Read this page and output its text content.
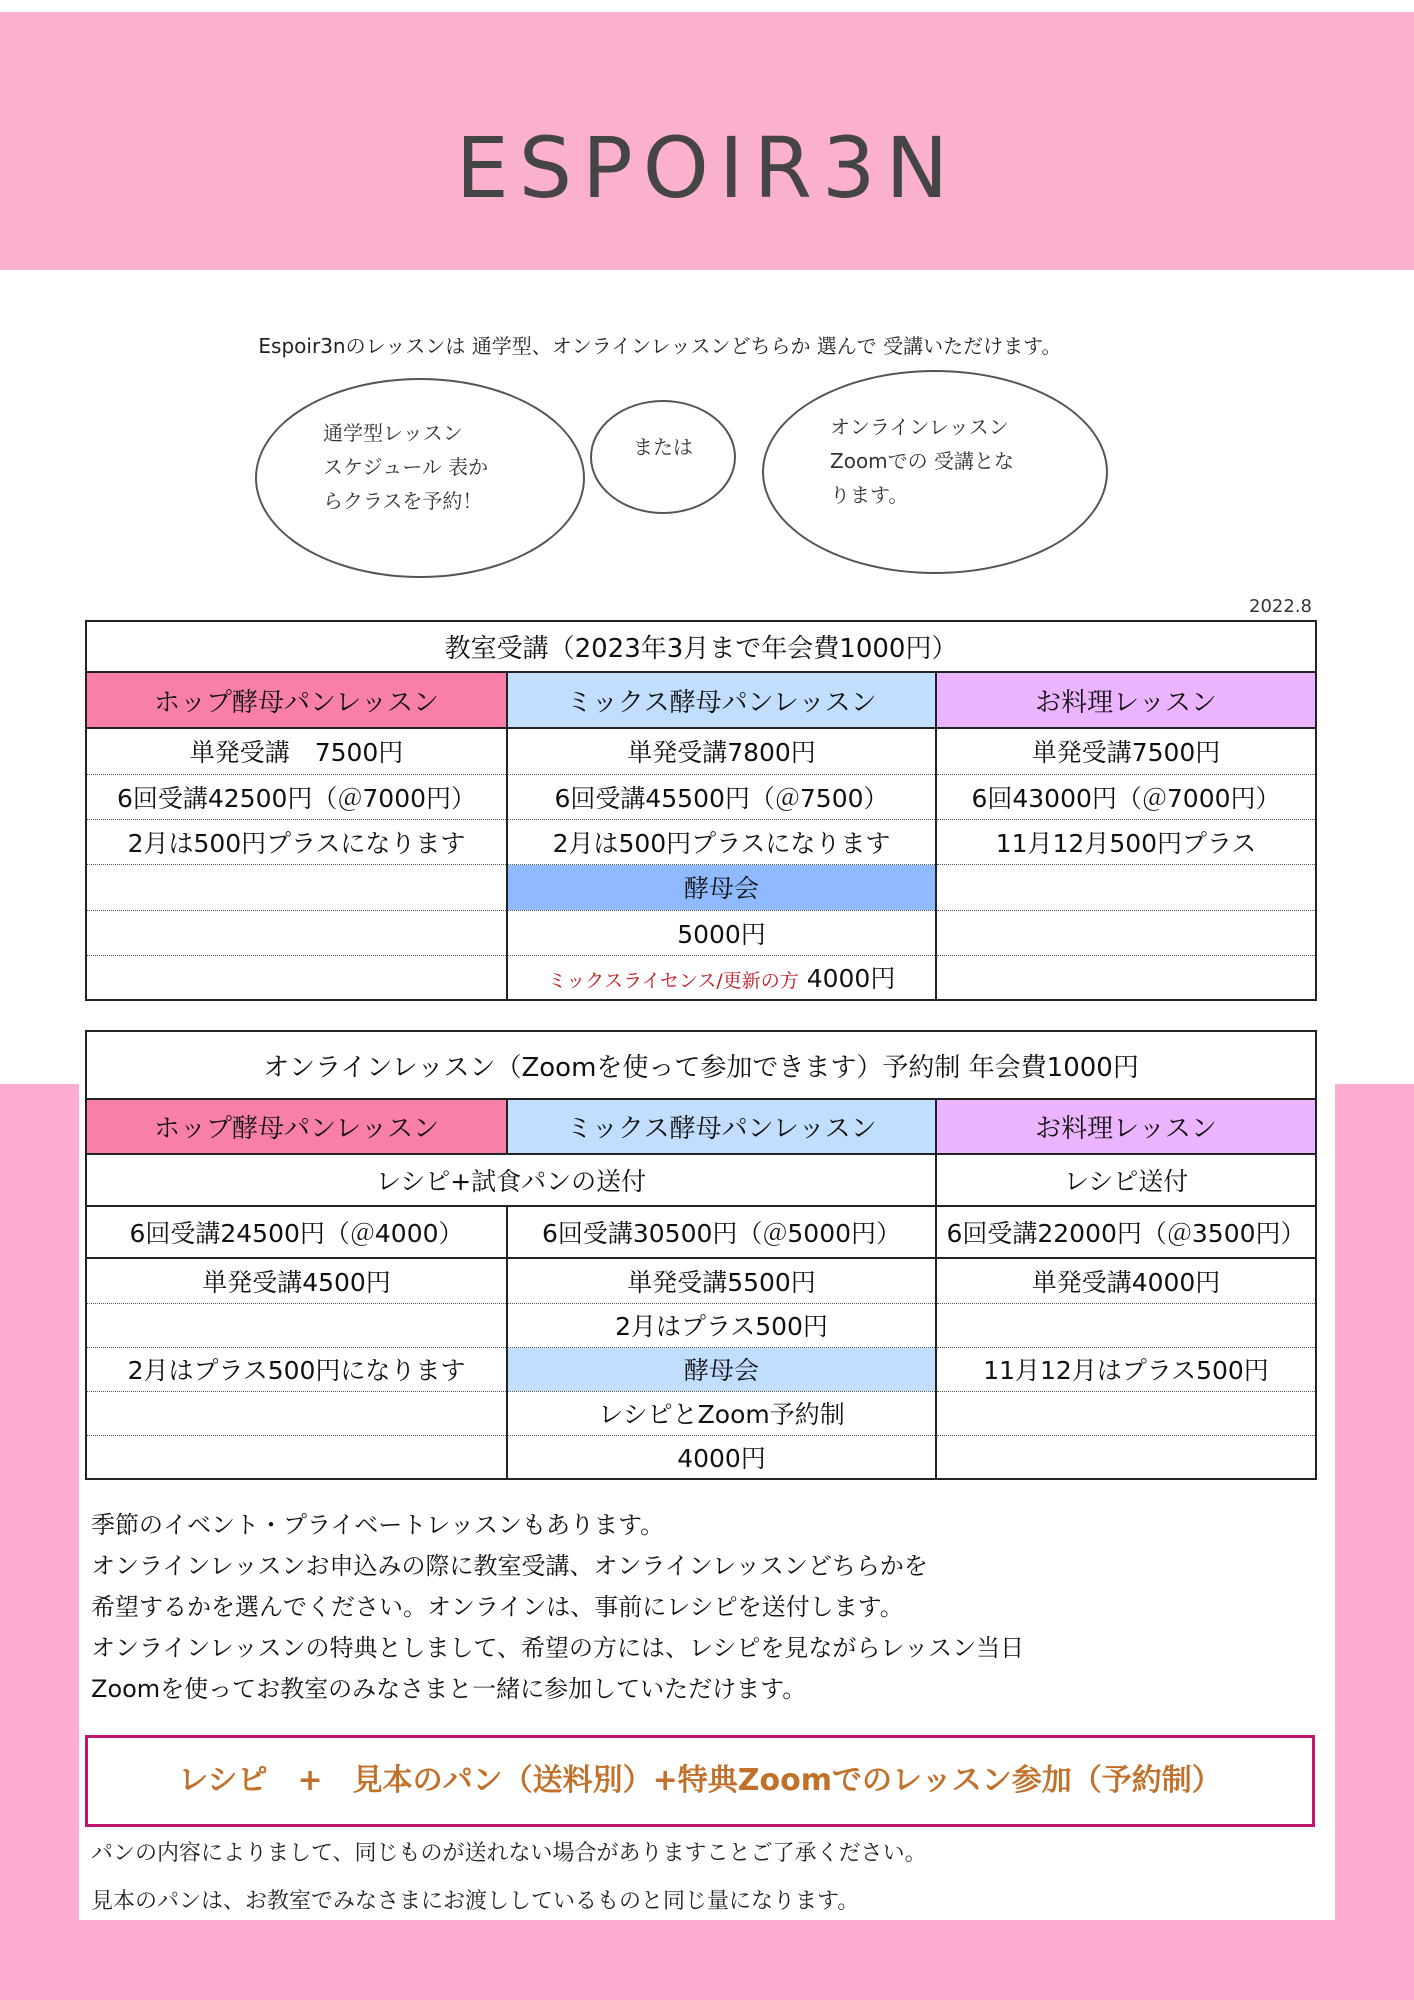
ESPOIR3N
Espoir3nのレッスンは 通学型、オンラインレッスンどちらか 選んで 受講いただけます。
通学型レッスン
スケジュール 表か
らクラスを予約！
または
オンラインレッスン
Zoomでの 受講とな
ります。
2022.8
教室受講（2023年3月まで年会費1000円）		
ホップ酵母パンレッスン	ミックス酵母パンレッスン	お料理レッスン
単発受講　7500円	単発受講7800円	単発受講7500円
6回受講42500円（＠7000円）	6回受講45500円（＠7500）	6回43000円（＠7000円）
2月は500円プラスになります	2月は500円プラスになります	11月12月500円プラス
	酵母会	
	5000円	
	ミックスライセンス/更新の方 4000円	
オンラインレッスン（Zoomを使って参加できます）予約制 年会費1000円		
ホップ酵母パンレッスン	ミックス酵母パンレッスン	お料理レッスン
レシピ+試食パンの送付		レシピ送付
6回受講24500円（＠4000）	6回受講30500円（＠5000円）	6回受講22000円（＠3500円）
単発受講4500円	単発受講5500円	単発受講4000円
	2月はプラス500円	
2月はプラス500円になります	酵母会	11月12月はプラス500円
	レシピとZoom予約制	
	4000円	
季節のイベント・プライベートレッスンもあります。
オンラインレッスンお申込みの際に教室受講、オンラインレッスンどちらかを
希望するかを選んでください。オンラインは、事前にレシピを送付します。
オンラインレッスンの特典としまして、希望の方には、レシピを見ながらレッスン当日
Zoomを使ってお教室のみなさまと一緒に参加していただけます。
レシピ　+　見本のパン（送料別）+特典Zoomでのレッスン参加（予約制）
パンの内容によりまして、同じものが送れない場合がありますことご了承ください。
見本のパンは、お教室でみなさまにお渡ししているものと同じ量になります。
